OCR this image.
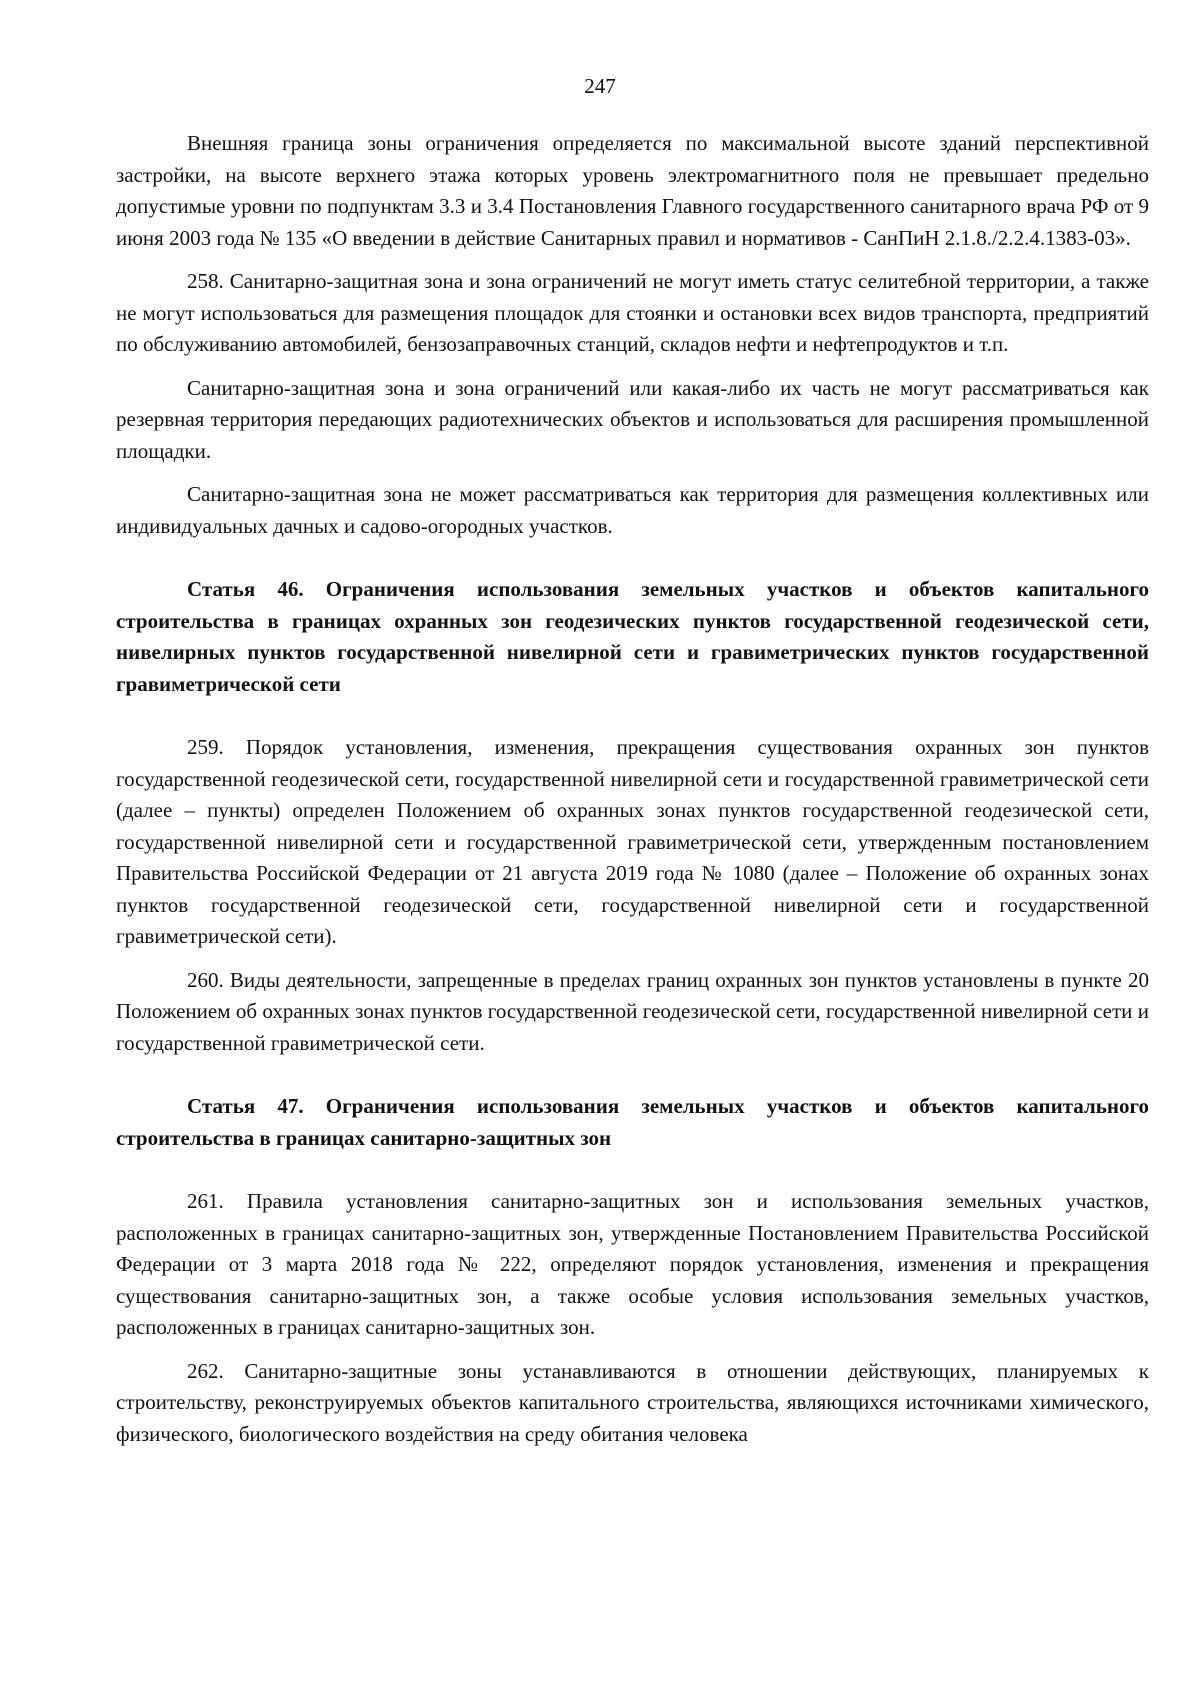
247

Внешняя граница зоны ограничения определяется по максимальной высоте зданий перспективной застройки, на высоте верхнего этажа которых уровень электромагнитного поля не превышает предельно допустимые уровни по подпунктам 3.3 и 3.4 Постановления Главного государственного санитарного врача РФ от 9 июня 2003 года № 135 «О введении в действие Санитарных правил и нормативов - СанПиН 2.1.8./2.2.4.1383-03».

258. Санитарно-защитная зона и зона ограничений не могут иметь статус селитебной территории, а также не могут использоваться для размещения площадок для стоянки и остановки всех видов транспорта, предприятий по обслуживанию автомобилей, бензозаправочных станций, складов нефти и нефтепродуктов и т.п.

Санитарно-защитная зона и зона ограничений или какая-либо их часть не могут рассматриваться как резервная территория передающих радиотехнических объектов и использоваться для расширения промышленной площадки.

Санитарно-защитная зона не может рассматриваться как территория для размещения коллективных или индивидуальных дачных и садово-огородных участков.

Статья 46. Ограничения использования земельных участков и объектов капитального строительства в границах охранных зон геодезических пунктов государственной геодезической сети, нивелирных пунктов государственной нивелирной сети и гравиметрических пунктов государственной гравиметрической сети

259. Порядок установления, изменения, прекращения существования охранных зон пунктов государственной геодезической сети, государственной нивелирной сети и государственной гравиметрической сети (далее – пункты) определен Положением об охранных зонах пунктов государственной геодезической сети, государственной нивелирной сети и государственной гравиметрической сети, утвержденным постановлением Правительства Российской Федерации от 21 августа 2019 года № 1080 (далее – Положение об охранных зонах пунктов государственной геодезической сети, государственной нивелирной сети и государственной гравиметрической сети).

260. Виды деятельности, запрещенные в пределах границ охранных зон пунктов установлены в пункте 20 Положением об охранных зонах пунктов государственной геодезической сети, государственной нивелирной сети и государственной гравиметрической сети.

Статья 47. Ограничения использования земельных участков и объектов капитального строительства в границах санитарно-защитных зон

261. Правила установления санитарно-защитных зон и использования земельных участков, расположенных в границах санитарно-защитных зон, утвержденные Постановлением Правительства Российской Федерации от 3 марта 2018 года № 222, определяют порядок установления, изменения и прекращения существования санитарно-защитных зон, а также особые условия использования земельных участков, расположенных в границах санитарно-защитных зон.

262. Санитарно-защитные зоны устанавливаются в отношении действующих, планируемых к строительству, реконструируемых объектов капитального строительства, являющихся источниками химического, физического, биологического воздействия на среду обитания человека
